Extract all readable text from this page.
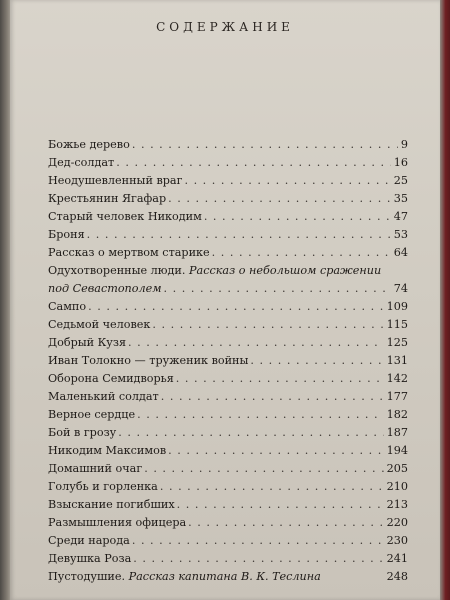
СОДЕРЖАНИЕ
Божье дерево . . .	9
Дед-солдат . . .	16
Неодушевленный враг . . .	25
Крестьянин Ягафар . . .	35
Старый человек Никодим . . .	47
Броня . . .	53
Рассказ о мертвом старике . . .	64
Одухотворенные люди. Рассказ о небольшом сражении
под Севастополем . . .	74
Сампо . . .	109
Седьмой человек . . .	115
Добрый Кузя . . .	125
Иван Толокно — труженик войны . . .	131
Оборона Семидворья . . .	142
Маленький солдат . . .	177
Верное сердце . . .	182
Бой в грозу . . .	187
Никодим Максимов . . .	194
Домашний очаг . . .	205
Голубь и горленка . . .	210
Взыскание погибших . . .	213
Размышления офицера . . .	220
Среди народа . . .	230
Девушка Роза . . .	241
Пустодушие. Рассказ капитана В. К. Теслина	248
